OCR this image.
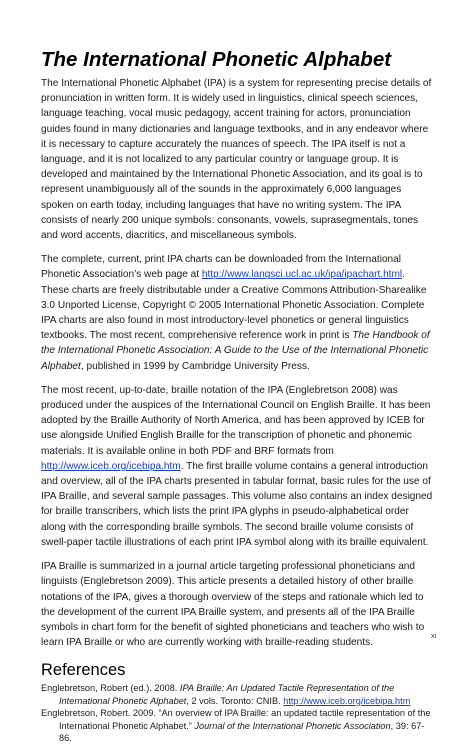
The International Phonetic Alphabet

The International Phonetic Alphabet (IPA) is a system for representing precise details of pronunciation in written form. It is widely used in linguistics, clinical speech sciences, language teaching, vocal music pedagogy, accent training for actors, pronunciation guides found in many dictionaries and language textbooks, and in any endeavor where it is necessary to capture accurately the nuances of speech. The IPA itself is not a language, and it is not localized to any particular country or language group. It is developed and maintained by the International Phonetic Association, and its goal is to represent unambiguously all of the sounds in the approximately 6,000 languages spoken on earth today, including languages that have no writing system. The IPA consists of nearly 200 unique symbols: consonants, vowels, suprasegmentals, tones and word accents, diacritics, and miscellaneous symbols.

The complete, current, print IPA charts can be downloaded from the International Phonetic Association’s web page at http://www.langsci.ucl.ac.uk/ipa/ipachart.html. These charts are freely distributable under a Creative Commons Attribution-Sharealike 3.0 Unported License, Copyright © 2005 International Phonetic Association. Complete IPA charts are also found in most introductory-level phonetics or general linguistics textbooks. The most recent, comprehensive reference work in print is The Handbook of the International Phonetic Association: A Guide to the Use of the International Phonetic Alphabet, published in 1999 by Cambridge University Press.

The most recent, up-to-date, braille notation of the IPA (Englebretson 2008) was produced under the auspices of the International Council on English Braille. It has been adopted by the Braille Authority of North America, and has been approved by ICEB for use alongside Unified English Braille for the transcription of phonetic and phonemic materials. It is available online in both PDF and BRF formats from http://www.iceb.org/icebipa.htm. The first braille volume contains a general introduction and overview, all of the IPA charts presented in tabular format, basic rules for the use of IPA Braille, and several sample passages. This volume also contains an index designed for braille transcribers, which lists the print IPA glyphs in pseudo-alphabetical order along with the corresponding braille symbols. The second braille volume consists of swell-paper tactile illustrations of each print IPA symbol along with its braille equivalent.

IPA Braille is summarized in a journal article targeting professional phoneticians and linguists (Englebretson 2009). This article presents a detailed history of other braille notations of the IPA, gives a thorough overview of the steps and rationale which led to the development of the current IPA Braille system, and presents all of the IPA Braille symbols in chart form for the benefit of sighted phoneticians and teachers who wish to learn IPA Braille or who are currently working with braille-reading students.

References

Englebretson, Robert (ed.). 2008. IPA Braille: An Updated Tactile Representation of the International Phonetic Alphabet, 2 vols. Toronto: CNIB. http://www.iceb.org/icebipa.htm

Englebretson, Robert. 2009. “An overview of IPA Braille: an updated tactile representation of the International Phonetic Alphabet.” Journal of the International Phonetic Association, 39: 67-86.

xi
